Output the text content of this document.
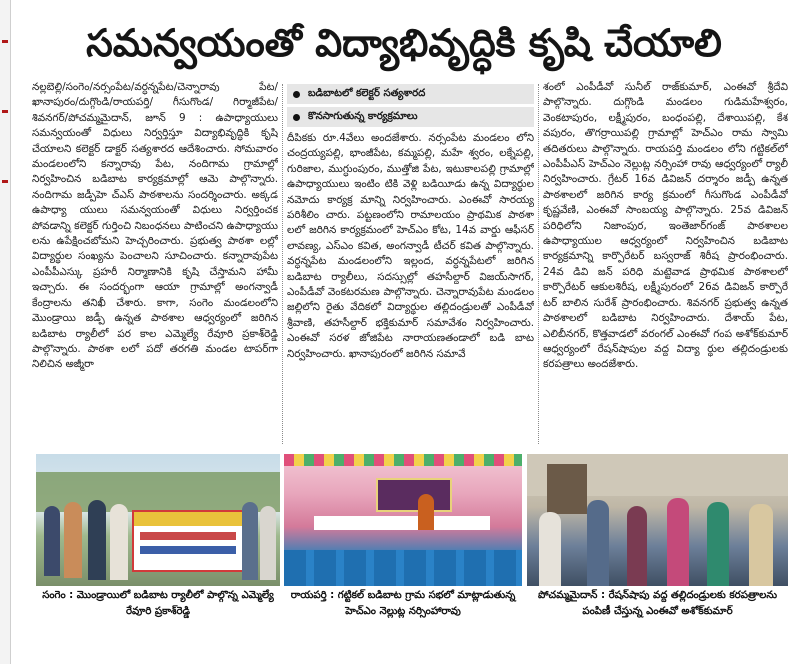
సమన్వయంతో విద్యాభివృద్ధికి కృషి చేయాలి

నల్లబెల్లి/సంగెం/నర్సంపేట/వర్ధన్నపేట/చెన్నారావు పేట/ఖానాపురం/దుగ్గొండి/రాయపర్తి/ గీసుగొండ/ గిర్మాజీపేట/శివనగర్/పోచమ్మమైదాన్, జూన్ 9 : ఉపాధ్యాయులు సమన్వయంతో విధులు నిర్వర్తిస్తూ విద్యాభివృద్ధికి కృషి చేయాలని కలెక్టర్ డాక్టర్ సత్యశారద ఆదేశించారు. సోమవారం మండలంలోని కన్నారావు పేట, నందిగామ గ్రామాల్లో నిర్వహించిన బడిబాట కార్యక్రమాల్లో ఆమె పాల్గొన్నారు. నందిగామ జడ్పీహె చ్ఎస్ పాఠశాలను సందర్శించారు. అక్కడ ఉపాధ్యా యులు సమన్వయంతో విధులు నిర్వర్తించక పోవడాన్ని కలెక్టర్ గుర్తించి నిబంధనలు పాటించని ఉపాధ్యాయు లను ఉపేక్షించబోమని హెచ్చరించారు. ప్రభుత్వ పాఠశా లల్లో విద్యార్థుల సంఖ్యను పెంచాలని సూచించారు. కన్నారావుపేట ఎంపీపీఎస్కు ప్రహరీ నిర్మాణానికి కృషి చేస్తామని హామీ ఇచ్చారు. ఈ సందర్భంగా ఆయా గ్రామాల్లో అంగన్వాడీ కేంద్రాలను తనిఖీ చేశారు. కాగా, సంగెం మండలంలోని మొండ్రాయి జడ్పీ ఉన్నత పాఠశాల ఆధ్వర్యంలో జరిగిన బడిబాట ర్యాలీలో పర కాల ఎమ్మెల్యే రేవూరి ప్రకాశ్‌రెడ్డి పాల్గొన్నారు. పాఠశా లలో పదో తరగతి మండల టాపర్‌గా నిలిచిన అజ్మీరా

బడిబాటలో కలెక్టర్ సత్యశారద
కొనసాగుతున్న కార్యక్రమాలు

దీపికకు రూ.4వేలు అందజేశారు. నర్సంపేట మండలం లోని చంద్రయ్యపల్లి, భాంజీపేట, కమ్మపల్లి, మహే శ్వరం, లక్నేపల్లి, గురిజాల, ముగ్ధుంపురం, ముత్తోజి పేట, ఇటుకాలపల్లి గ్రామాల్లో ఉపాధ్యాయులు ఇంటిం టికి వెళ్లి బడియీడు ఉన్న విద్యార్థుల నమోదు కార్యక్ర మాన్ని నిర్వహించారు. ఎంఈవో సారయ్య పరిశీలిం చారు. పట్టణంలోని రామాలయం ప్రాథమిక పాఠశా లలో జరిగిన కార్యక్రమంలో హెచ్ఎం కోట, 14వ వార్డు ఆఫీసర్ లావణ్య, ఎస్ఎం కవిత, అంగన్వాడీ టీచర్ కవిత పాల్గొన్నారు. వర్ధన్నపేట మండలంలోని ఇల్లంద, వర్ధన్నపేటలో జరిగిన బడిబాట ర్యాలీలు, సదస్సుల్లో తహసీల్దార్ విజయ్‌సాగర్, ఎంపీడీవో వెంకటరమణ పాల్గొన్నారు. చెన్నారావుపేట మండలం జల్లిలోని రైతు వేదికలో విద్యార్థుల తల్లిదండ్రులతో ఎంపీడీవో శ్రీవాణి, తహసీల్దార్ భక్తికుమార్ సమావేశం నిర్వహించారు. ఎంఈవో సరళ జోజిపేట నారాయణతండాలో బడి బాట నిర్వహించారు. ఖానాపురంలో జరిగిన సమావే

శంలో ఎంపీడీవో సునీల్ రాజ్‌కుమార్, ఎంఈవో శ్రీదేవి పాల్గొన్నారు. దుగ్గొండి మండలం గుడిమహేశ్వరం, వెంకటాపురం, లక్ష్మీపురం, బంధంపల్లి, దేశాయిపల్లి, కేశ వపురం, తొగర్రాయిపల్లి గ్రామాల్లో హెచ్ఎం రామ స్వామి తదితరులు పాల్గొన్నారు. రాయపర్తి మండలం లోని గట్టికల్‌లో ఎంపీపీఎస్ హెచ్ఎం నెల్లుట్ల నర్సింహా రావు ఆధ్వర్యంలో ర్యాలీ నిర్వహించారు. గ్రేటర్ 16వ డివిజన్ దర్శారం జడ్పీ ఉన్నత పాఠశాలలో జరిగిన కార్య క్రమంలో గీసుగొండ ఎంపీడీవో కృష్ణవేణి, ఎంఈవో సాంబయ్య పాల్గొన్నారు. 25వ డివిజన్ పరిధిలోని నిజాంపుర, ఇంతెజార్‌గంజ్ పాఠశాలల ఉపాధ్యాయుల ఆధ్వర్యంలో నిర్వహించిన బడిబాట కార్యక్రమాన్ని కార్పొరేటర్ బస్వరాజ్ శిరీష ప్రారంభించారు. 24వ డివి జన్ పరిధి మట్టెవాడ ప్రాథమిక పాఠశాలలో కార్పొరేటర్ ఆకులశిరీష, లక్ష్మీపురంలో 26వ డివిజన్ కార్పొరే టర్ బాలిన సురేశ్ ప్రారంభించారు. శివనగర్ ప్రభుత్వ ఉన్నత పాఠశాలలో బడిబాట నిర్వహించారు. దేశాయ్ పేట, ఎలిబీనగర్, కొత్తవాడలో వరంగల్ ఎంఈవో గంప అశోక్‌కుమార్ ఆధ్వర్యంలో రేషన్‌షాపుల వద్ద విద్యా ర్థుల తల్లిదండ్రులకు కరపత్రాలు అందజేశారు.

సంగెం : మొండ్రాయిలో బడిబాట ర్యాలీలో పాల్గొన్న ఎమ్మెల్యే రేవూరి ప్రకాశ్‌రెడ్డి
రాయపర్తి : గట్టికల్ బడిబాట గ్రామ సభలో మాట్లాడుతున్న హెచ్ఎం నెల్లుట్ల నర్సింహారావు
పోచమ్మమైదాన్ : రేషన్‌షాపు వద్ద తల్లిదండ్రులకు కరపత్రాలను పంపిణీ చేస్తున్న ఎంఈవో అశోక్‌కుమార్
